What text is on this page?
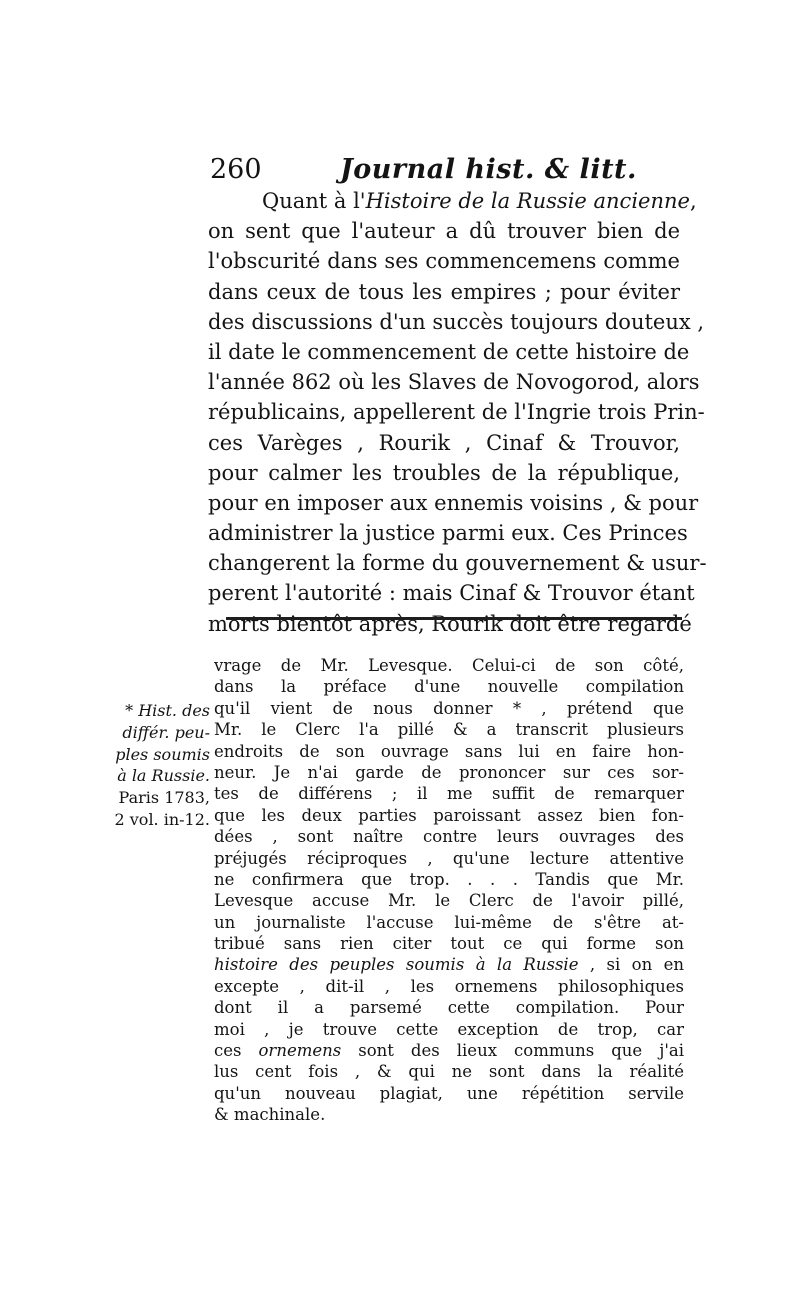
260	Journal hist. & litt.
Quant à l'Histoire de la Russie ancienne,
on sent que l'auteur a dû trouver bien de
l'obscurité dans ses commencemens comme
dans ceux de tous les empires ; pour éviter
des discussions d'un succès toujours douteux ,
il date le commencement de cette histoire de
l'année 862 où les Slaves de Novogorod, alors
républicains, appellerent de l'Ingrie trois Prin-
ces Varèges , Rourik , Cinaf & Trouvor,
pour calmer les troubles de la république,
pour en imposer aux ennemis voisins , & pour
administrer la justice parmi eux. Ces Princes
changerent la forme du gouvernement & usur-
perent l'autorité : mais Cinaf & Trouvor étant
morts bientôt après, Rourik doit être regardé
vrage de Mr. Levesque. Celui-ci de son côté,
dans la préface d'une nouvelle compilation
qu'il vient de nous donner * , prétend que
Mr. le Clerc l'a pillé & a transcrit plusieurs
endroits de son ouvrage sans lui en faire hon-
neur. Je n'ai garde de prononcer sur ces sor-
tes de différens ; il me suffit de remarquer
que les deux parties paroissant assez bien fon-
dées , sont naître contre leurs ouvrages des
préjugés réciproques , qu'une lecture attentive
ne confirmera que trop. . . . Tandis que Mr.
Levesque accuse Mr. le Clerc de l'avoir pillé,
un journaliste l'accuse lui-même de s'être at-
tribué sans rien citer tout ce qui forme son
histoire des peuples soumis à la Russie , si on en
excepte , dit-il , les ornemens philosophiques
dont il a parsemé cette compilation. Pour
moi , je trouve cette exception de trop, car
ces ornemens sont des lieux communs que j'ai
lus cent fois , & qui ne sont dans la réalité
qu'un nouveau plagiat, une répétition servile
& machinale.
* Hist. des
différ. peu-
ples soumis
à la Russie.
Paris 1783,
2 vol. in-12.
